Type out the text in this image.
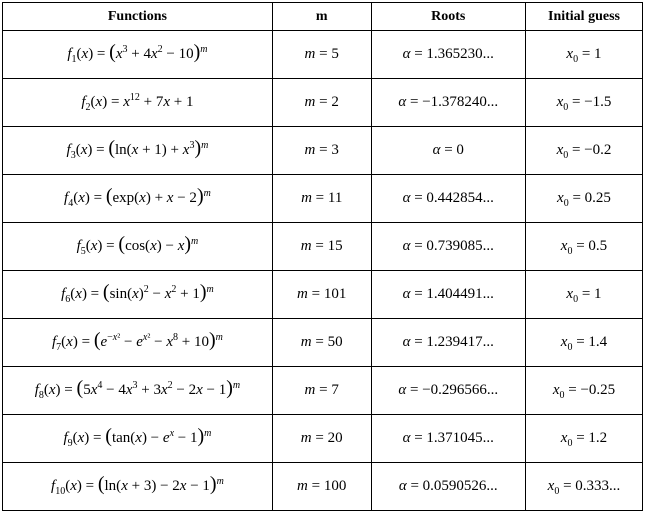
Functions	m	Roots	Initial guess
$f_1(x) = (x^3 + 4x^2 - 10)^m$	m = 5	α = 1.365230...	$x_0 = 1$
$f_2(x) = x^{12} + 7x + 1$	m = 2	α = −1.378240...	$x_0 = -1.5$
$f_3(x) = (\ln(x + 1) + x^3)^m$	m = 3	α = 0	$x_0 = -0.2$
$f_4(x) = (\exp(x) + x - 2)^m$	m = 11	α = 0.442854...	$x_0 = 0.25$
$f_5(x) = (\cos(x) - x)^m$	m = 15	α = 0.739085...	$x_0 = 0.5$
$f_6(x) = (\sin(x)^2 - x^2 + 1)^m$	m = 101	α = 1.404491...	$x_0 = 1$
$f_7(x) = (e^{-x^2} - e^{x^2} - x^8 + 10)^m$	m = 50	α = 1.239417...	$x_0 = 1.4$
$f_8(x) = (5x^4 - 4x^3 + 3x^2 - 2x - 1)^m$	m = 7	α = −0.296566...	$x_0 = -0.25$
$f_9(x) = (\tan(x) - e^x - 1)^m$	m = 20	α = 1.371045...	$x_0 = 1.2$
$f_{10}(x) = (\ln(x + 3) - 2x - 1)^m$	m = 100	α = 0.0590526...	$x_0 = 0.333$...
